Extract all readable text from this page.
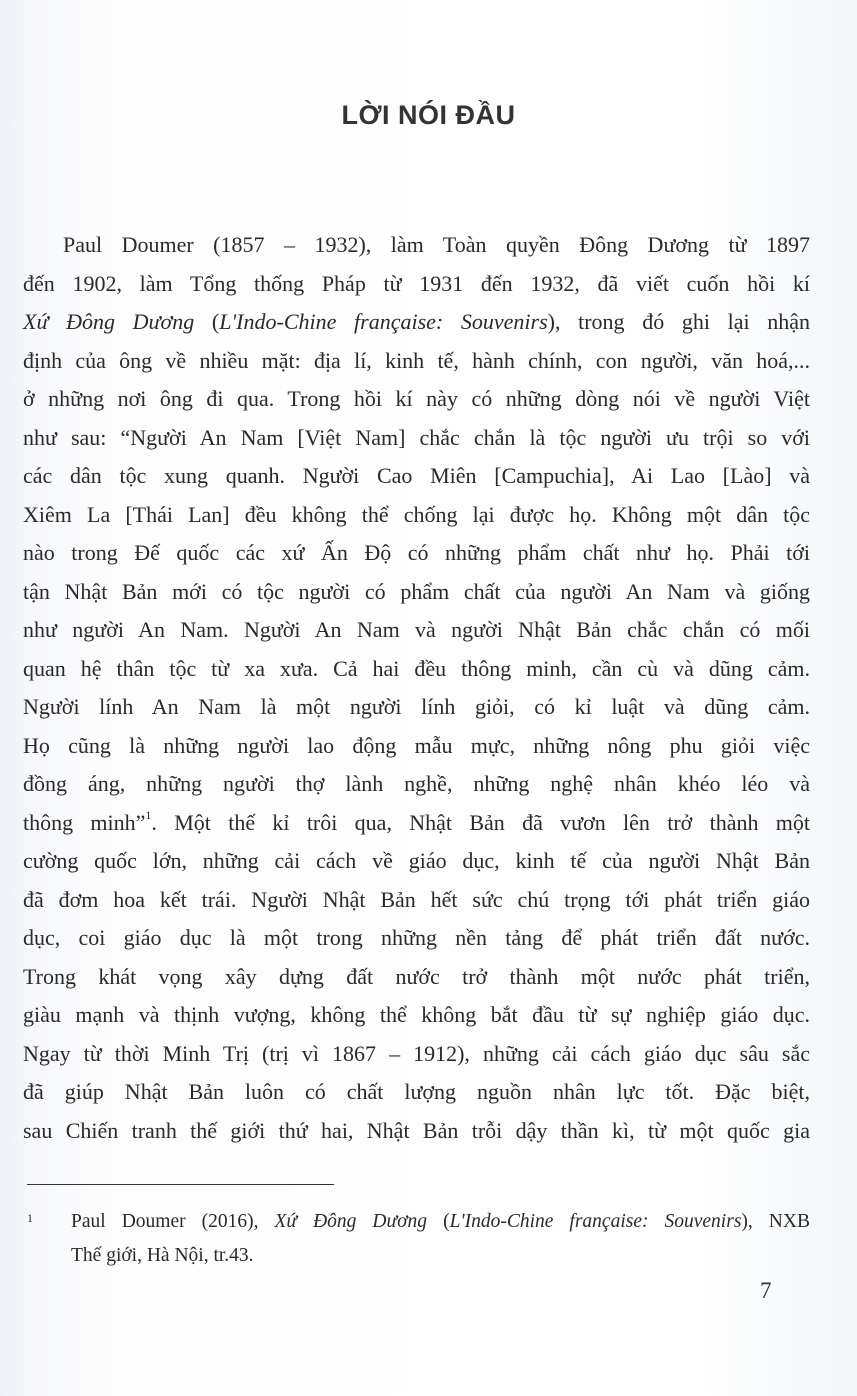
LỜI NÓI ĐẦU
Paul Doumer (1857 – 1932), làm Toàn quyền Đông Dương từ 1897
đến 1902, làm Tổng thống Pháp từ 1931 đến 1932, đã viết cuốn hồi kí
Xứ Đông Dương (L'Indo-Chine française: Souvenirs), trong đó ghi lại nhận
định của ông về nhiều mặt: địa lí, kinh tế, hành chính, con người, văn hoá,...
ở những nơi ông đi qua. Trong hồi kí này có những dòng nói về người Việt
như sau: “Người An Nam [Việt Nam] chắc chắn là tộc người ưu trội so với
các dân tộc xung quanh. Người Cao Miên [Campuchia], Ai Lao [Lào] và
Xiêm La [Thái Lan] đều không thể chống lại được họ. Không một dân tộc
nào trong Đế quốc các xứ Ấn Độ có những phẩm chất như họ. Phải tới
tận Nhật Bản mới có tộc người có phẩm chất của người An Nam và giống
như người An Nam. Người An Nam và người Nhật Bản chắc chắn có mối
quan hệ thân tộc từ xa xưa. Cả hai đều thông minh, cần cù và dũng cảm.
Người lính An Nam là một người lính giỏi, có kỉ luật và dũng cảm.
Họ cũng là những người lao động mẫu mực, những nông phu giỏi việc
đồng áng, những người thợ lành nghề, những nghệ nhân khéo léo và
thông minh”$^1$. Một thế kỉ trôi qua, Nhật Bản đã vươn lên trở thành một
cường quốc lớn, những cải cách về giáo dục, kinh tế của người Nhật Bản
đã đơm hoa kết trái. Người Nhật Bản hết sức chú trọng tới phát triển giáo
dục, coi giáo dục là một trong những nền tảng để phát triển đất nước.
Trong khát vọng xây dựng đất nước trở thành một nước phát triển,
giàu mạnh và thịnh vượng, không thể không bắt đầu từ sự nghiệp giáo dục.
Ngay từ thời Minh Trị (trị vì 1867 – 1912), những cải cách giáo dục sâu sắc
đã giúp Nhật Bản luôn có chất lượng nguồn nhân lực tốt. Đặc biệt,
sau Chiến tranh thế giới thứ hai, Nhật Bản trỗi dậy thần kì, từ một quốc gia
1 Paul Doumer (2016), Xứ Đông Dương (L'Indo-Chine française: Souvenirs), NXB
Thế giới, Hà Nội, tr.43.
7
